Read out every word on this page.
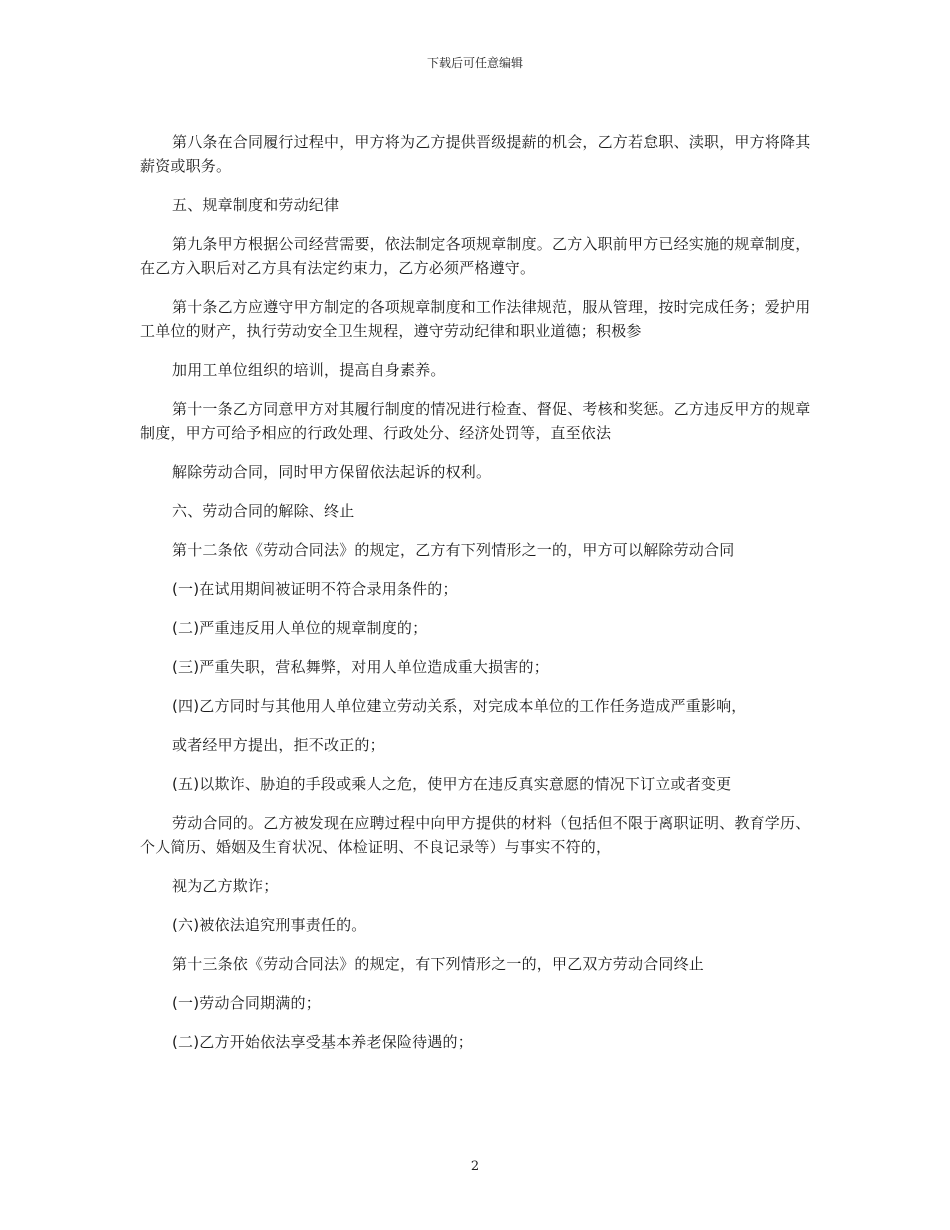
下载后可任意编辑

第八条在合同履行过程中，甲方将为乙方提供晋级提薪的机会，乙方若怠职、渎职，甲方将降其薪资或职务。

五、规章制度和劳动纪律

第九条甲方根据公司经营需要，依法制定各项规章制度。乙方入职前甲方已经实施的规章制度，在乙方入职后对乙方具有法定约束力，乙方必须严格遵守。

第十条乙方应遵守甲方制定的各项规章制度和工作法律规范，服从管理，按时完成任务；爱护用工单位的财产，执行劳动安全卫生规程，遵守劳动纪律和职业道德；积极参

加用工单位组织的培训，提高自身素养。

第十一条乙方同意甲方对其履行制度的情况进行检查、督促、考核和奖惩。乙方违反甲方的规章制度，甲方可给予相应的行政处理、行政处分、经济处罚等，直至依法

解除劳动合同，同时甲方保留依法起诉的权利。

六、劳动合同的解除、终止

第十二条依《劳动合同法》的规定，乙方有下列情形之一的，甲方可以解除劳动合同

(一)在试用期间被证明不符合录用条件的；

(二)严重违反用人单位的规章制度的；

(三)严重失职，营私舞弊，对用人单位造成重大损害的；

(四)乙方同时与其他用人单位建立劳动关系，对完成本单位的工作任务造成严重影响，

或者经甲方提出，拒不改正的；

(五)以欺诈、胁迫的手段或乘人之危，使甲方在违反真实意愿的情况下订立或者变更

劳动合同的。乙方被发现在应聘过程中向甲方提供的材料（包括但不限于离职证明、教育学历、个人简历、婚姻及生育状况、体检证明、不良记录等）与事实不符的，

视为乙方欺诈；

(六)被依法追究刑事责任的。

第十三条依《劳动合同法》的规定，有下列情形之一的，甲乙双方劳动合同终止

(一)劳动合同期满的；

(二)乙方开始依法享受基本养老保险待遇的；

2
